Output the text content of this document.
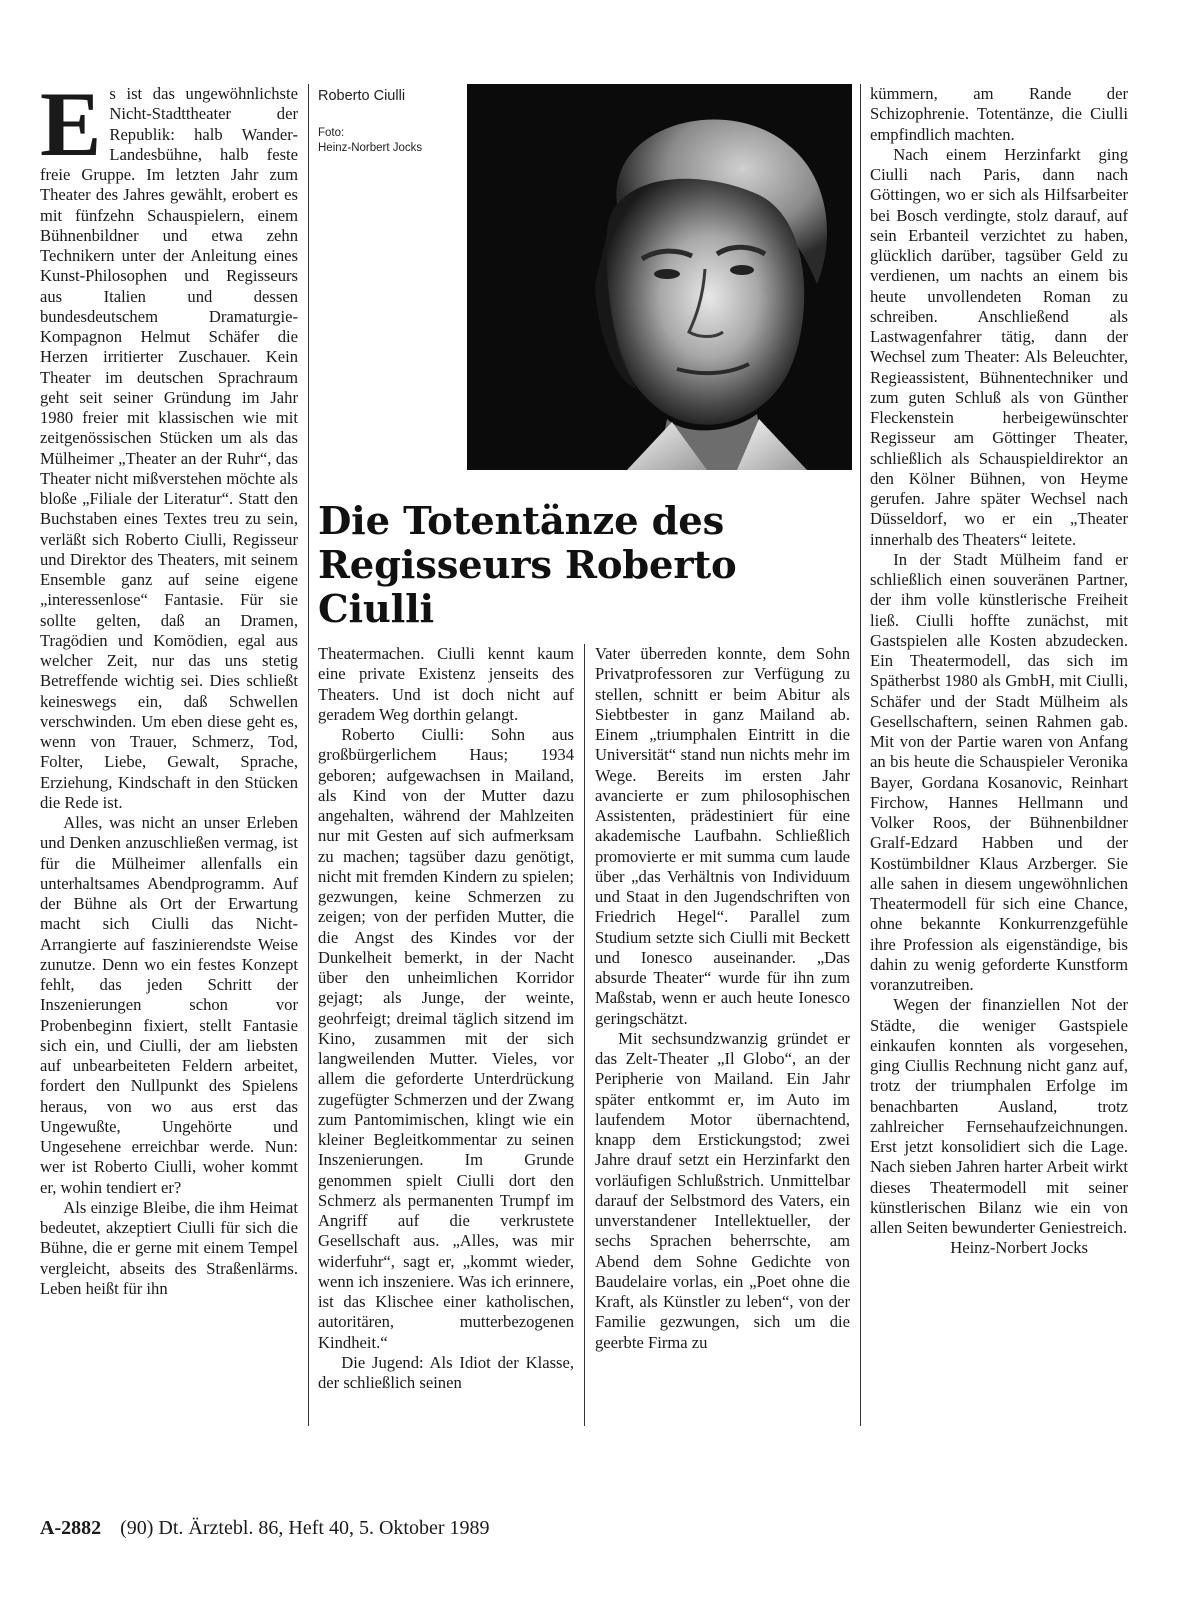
E s ist das ungewöhnlichste Nicht-Stadttheater der Republik: halb Wander-Landesbühne, halb feste freie Gruppe. Im letzten Jahr zum Theater des Jahres gewählt, erobert es mit fünfzehn Schauspielern, einem Bühnenbildner und etwa zehn Technikern unter der Anleitung eines Kunst-Philosophen und Regisseurs aus Italien und dessen bundesdeutschem Dramaturgie-Kompagnon Helmut Schäfer die Herzen irritierter Zuschauer. Kein Theater im deutschen Sprachraum geht seit seiner Gründung im Jahr 1980 freier mit klassischen wie mit zeitgenössischen Stücken um als das Mülheimer „Theater an der Ruhr“, das Theater nicht mißverstehen möchte als bloße „Filiale der Literatur“. Statt den Buchstaben eines Textes treu zu sein, verläßt sich Roberto Ciulli, Regisseur und Direktor des Theaters, mit seinem Ensemble ganz auf seine eigene „interessenlose“ Fantasie. Für sie sollte gelten, daß an Dramen, Tragödien und Komödien, egal aus welcher Zeit, nur das uns stetig Betreffende wichtig sei. Dies schließt keineswegs ein, daß Schwellen verschwinden. Um eben diese geht es, wenn von Trauer, Schmerz, Tod, Folter, Liebe, Gewalt, Sprache, Erziehung, Kindschaft in den Stücken die Rede ist.

Alles, was nicht an unser Erleben und Denken anzuschließen vermag, ist für die Mülheimer allenfalls ein unterhaltsames Abendprogramm. Auf der Bühne als Ort der Erwartung macht sich Ciulli das Nicht-Arrangierte auf faszinierendste Weise zunutze. Denn wo ein festes Konzept fehlt, das jeden Schritt der Inszenierungen schon vor Probenbeginn fixiert, stellt Fantasie sich ein, und Ciulli, der am liebsten auf unbearbeiteten Feldern arbeitet, fordert den Nullpunkt des Spielens heraus, von wo aus erst das Ungewußte, Ungehörte und Ungesehene erreichbar werde. Nun: wer ist Roberto Ciulli, woher kommt er, wohin tendiert er?

Als einzige Bleibe, die ihm Heimat bedeutet, akzeptiert Ciulli für sich die Bühne, die er gerne mit einem Tempel vergleicht, abseits des Straßenlärms. Leben heißt für ihn

Roberto Ciulli

Foto:

Heinz-Norbert Jocks

Die Totentänze des
Regisseurs Roberto Ciulli

Theatermachen. Ciulli kennt kaum eine private Existenz jenseits des Theaters. Und ist doch nicht auf geradem Weg dorthin gelangt.

Roberto Ciulli: Sohn aus großbürgerlichem Haus; 1934 geboren; aufgewachsen in Mailand, als Kind von der Mutter dazu angehalten, während der Mahlzeiten nur mit Gesten auf sich aufmerksam zu machen; tagsüber dazu genötigt, nicht mit fremden Kindern zu spielen; gezwungen, keine Schmerzen zu zeigen; von der perfiden Mutter, die die Angst des Kindes vor der Dunkelheit bemerkt, in der Nacht über den unheimlichen Korridor gejagt; als Junge, der weinte, geohrfeigt; dreimal täglich sitzend im Kino, zusammen mit der sich langweilenden Mutter. Vieles, vor allem die geforderte Unterdrückung zugefügter Schmerzen und der Zwang zum Pantomimischen, klingt wie ein kleiner Begleitkommentar zu seinen Inszenierungen. Im Grunde genommen spielt Ciulli dort den Schmerz als permanenten Trumpf im Angriff auf die verkrustete Gesellschaft aus. „Alles, was mir widerfuhr“, sagt er, „kommt wieder, wenn ich inszeniere. Was ich erinnere, ist das Klischee einer katholischen, autoritären, mutterbezogenen Kindheit.“

Die Jugend: Als Idiot der Klasse, der schließlich seinen

Vater überreden konnte, dem Sohn Privatprofessoren zur Verfügung zu stellen, schnitt er beim Abitur als Siebtbester in ganz Mailand ab. Einem „triumphalen Eintritt in die Universität“ stand nun nichts mehr im Wege. Bereits im ersten Jahr avancierte er zum philosophischen Assistenten, prädestiniert für eine akademische Laufbahn. Schließlich promovierte er mit summa cum laude über „das Verhältnis von Individuum und Staat in den Jugendschriften von Friedrich Hegel“. Parallel zum Studium setzte sich Ciulli mit Beckett und Ionesco auseinander. „Das absurde Theater“ wurde für ihn zum Maßstab, wenn er auch heute Ionesco geringschätzt.

Mit sechsundzwanzig gründet er das Zelt-Theater „Il Globo“, an der Peripherie von Mailand. Ein Jahr später entkommt er, im Auto im laufendem Motor übernachtend, knapp dem Erstickungstod; zwei Jahre drauf setzt ein Herzinfarkt den vorläufigen Schlußstrich. Unmittelbar darauf der Selbstmord des Vaters, ein unverstandener Intellektueller, der sechs Sprachen beherrschte, am Abend dem Sohne Gedichte von Baudelaire vorlas, ein „Poet ohne die Kraft, als Künstler zu leben“, von der Familie gezwungen, sich um die geerbte Firma zu

kümmern, am Rande der Schizophrenie. Totentänze, die Ciulli empfindlich machten.

Nach einem Herzinfarkt ging Ciulli nach Paris, dann nach Göttingen, wo er sich als Hilfsarbeiter bei Bosch verdingte, stolz darauf, auf sein Erbanteil verzichtet zu haben, glücklich darüber, tagsüber Geld zu verdienen, um nachts an einem bis heute unvollendeten Roman zu schreiben. Anschließend als Lastwagenfahrer tätig, dann der Wechsel zum Theater: Als Beleuchter, Regieassistent, Bühnentechniker und zum guten Schluß als von Günther Fleckenstein herbeigewünschter Regisseur am Göttinger Theater, schließlich als Schauspieldirektor an den Kölner Bühnen, von Heyme gerufen. Jahre später Wechsel nach Düsseldorf, wo er ein „Theater innerhalb des Theaters“ leitete.

In der Stadt Mülheim fand er schließlich einen souveränen Partner, der ihm volle künstlerische Freiheit ließ. Ciulli hoffte zunächst, mit Gastspielen alle Kosten abzudecken. Ein Theatermodell, das sich im Spätherbst 1980 als GmbH, mit Ciulli, Schäfer und der Stadt Mülheim als Gesellschaftern, seinen Rahmen gab. Mit von der Partie waren von Anfang an bis heute die Schauspieler Veronika Bayer, Gordana Kosanovic, Reinhart Firchow, Hannes Hellmann und Volker Roos, der Bühnenbildner Gralf-Edzard Habben und der Kostümbildner Klaus Arzberger. Sie alle sahen in diesem ungewöhnlichen Theatermodell für sich eine Chance, ohne bekannte Konkurrenzgefühle ihre Profession als eigenständige, bis dahin zu wenig geforderte Kunstform voranzutreiben.

Wegen der finanziellen Not der Städte, die weniger Gastspiele einkaufen konnten als vorgesehen, ging Ciullis Rechnung nicht ganz auf, trotz der triumphalen Erfolge im benachbarten Ausland, trotz zahlreicher Fernsehaufzeichnungen. Erst jetzt konsolidiert sich die Lage. Nach sieben Jahren harter Arbeit wirkt dieses Theatermodell mit seiner künstlerischen Bilanz wie ein von allen Seiten bewunderter Geniestreich.

Heinz-Norbert Jocks

A-2882 (90) Dt. Ärztebl. 86, Heft 40, 5. Oktober 1989
